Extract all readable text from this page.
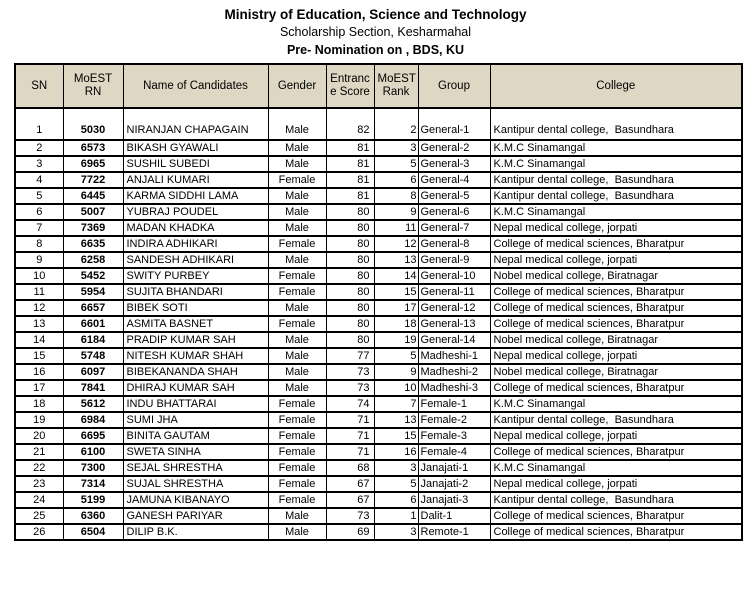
Ministry of Education, Science and Technology
Scholarship Section, Kesharmahal
Pre- Nomination on , BDS, KU
SN	MoEST RN	Name of Candidates	Gender	Entranc e Score	MoEST Rank	Group	College
1	5030	NIRANJAN CHAPAGAIN	Male	82	2	General-1	Kantipur dental college,  Basundhara
2	6573	BIKASH GYAWALI	Male	81	3	General-2	K.M.C Sinamangal
3	6965	SUSHIL SUBEDI	Male	81	5	General-3	K.M.C Sinamangal
4	7722	ANJALI KUMARI	Female	81	6	General-4	Kantipur dental college,  Basundhara
5	6445	KARMA SIDDHI LAMA	Male	81	8	General-5	Kantipur dental college,  Basundhara
6	5007	YUBRAJ POUDEL	Male	80	9	General-6	K.M.C Sinamangal
7	7369	MADAN KHADKA	Male	80	11	General-7	Nepal medical college, jorpati
8	6635	INDIRA ADHIKARI	Female	80	12	General-8	College of medical sciences, Bharatpur
9	6258	SANDESH ADHIKARI	Male	80	13	General-9	Nepal medical college, jorpati
10	5452	SWITY PURBEY	Female	80	14	General-10	Nobel medical college, Biratnagar
11	5954	SUJITA BHANDARI	Female	80	15	General-11	College of medical sciences, Bharatpur
12	6657	BIBEK SOTI	Male	80	17	General-12	College of medical sciences, Bharatpur
13	6601	ASMITA BASNET	Female	80	18	General-13	College of medical sciences, Bharatpur
14	6184	PRADIP KUMAR SAH	Male	80	19	General-14	Nobel medical college, Biratnagar
15	5748	NITESH KUMAR SHAH	Male	77	5	Madheshi-1	Nepal medical college, jorpati
16	6097	BIBEKANANDA SHAH	Male	73	9	Madheshi-2	Nobel medical college, Biratnagar
17	7841	DHIRAJ KUMAR SAH	Male	73	10	Madheshi-3	College of medical sciences, Bharatpur
18	5612	INDU BHATTARAI	Female	74	7	Female-1	K.M.C Sinamangal
19	6984	SUMI JHA	Female	71	13	Female-2	Kantipur dental college,  Basundhara
20	6695	BINITA GAUTAM	Female	71	15	Female-3	Nepal medical college, jorpati
21	6100	SWETA SINHA	Female	71	16	Female-4	College of medical sciences, Bharatpur
22	7300	SEJAL SHRESTHA	Female	68	3	Janajati-1	K.M.C Sinamangal
23	7314	SUJAL SHRESTHA	Female	67	5	Janajati-2	Nepal medical college, jorpati
24	5199	JAMUNA KIBANAYO	Female	67	6	Janajati-3	Kantipur dental college,  Basundhara
25	6360	GANESH PARIYAR	Male	73	1	Dalit-1	College of medical sciences, Bharatpur
26	6504	DILIP B.K.	Male	69	3	Remote-1	College of medical sciences, Bharatpur
